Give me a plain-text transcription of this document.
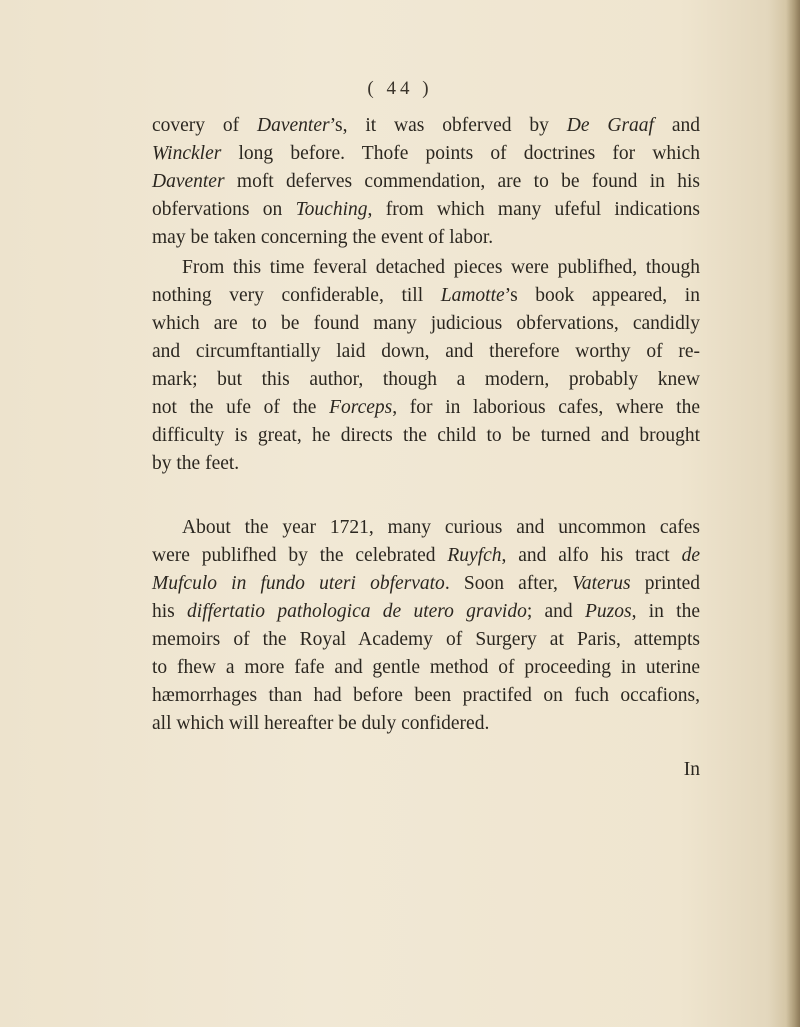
( 44 )
covery of Daventer’s, it was obferved by De Graaf and
Winckler long before. Thofe points of doctrines for which
Daventer moft deferves commendation, are to be found in his
obfervations on Touching, from which many ufeful indications
may be taken concerning the event of labor.
From this time feveral detached pieces were publifhed, though
nothing very confiderable, till Lamotte’s book appeared, in
which are to be found many judicious obfervations, candidly
and circumftantially laid down, and therefore worthy of re-
mark; but this author, though a modern, probably knew
not the ufe of the Forceps, for in laborious cafes, where the
difficulty is great, he directs the child to be turned and brought
by the feet.
About the year 1721, many curious and uncommon cafes
were publifhed by the celebrated Ruyfch, and alfo his tract de
Mufculo in fundo uteri obfervato. Soon after, Vaterus printed
his differtatio pathologica de utero gravido; and Puzos, in the
memoirs of the Royal Academy of Surgery at Paris, attempts
to fhew a more fafe and gentle method of proceeding in uterine
hæmorrhages than had before been practifed on fuch occafions,
all which will hereafter be duly confidered.
In
